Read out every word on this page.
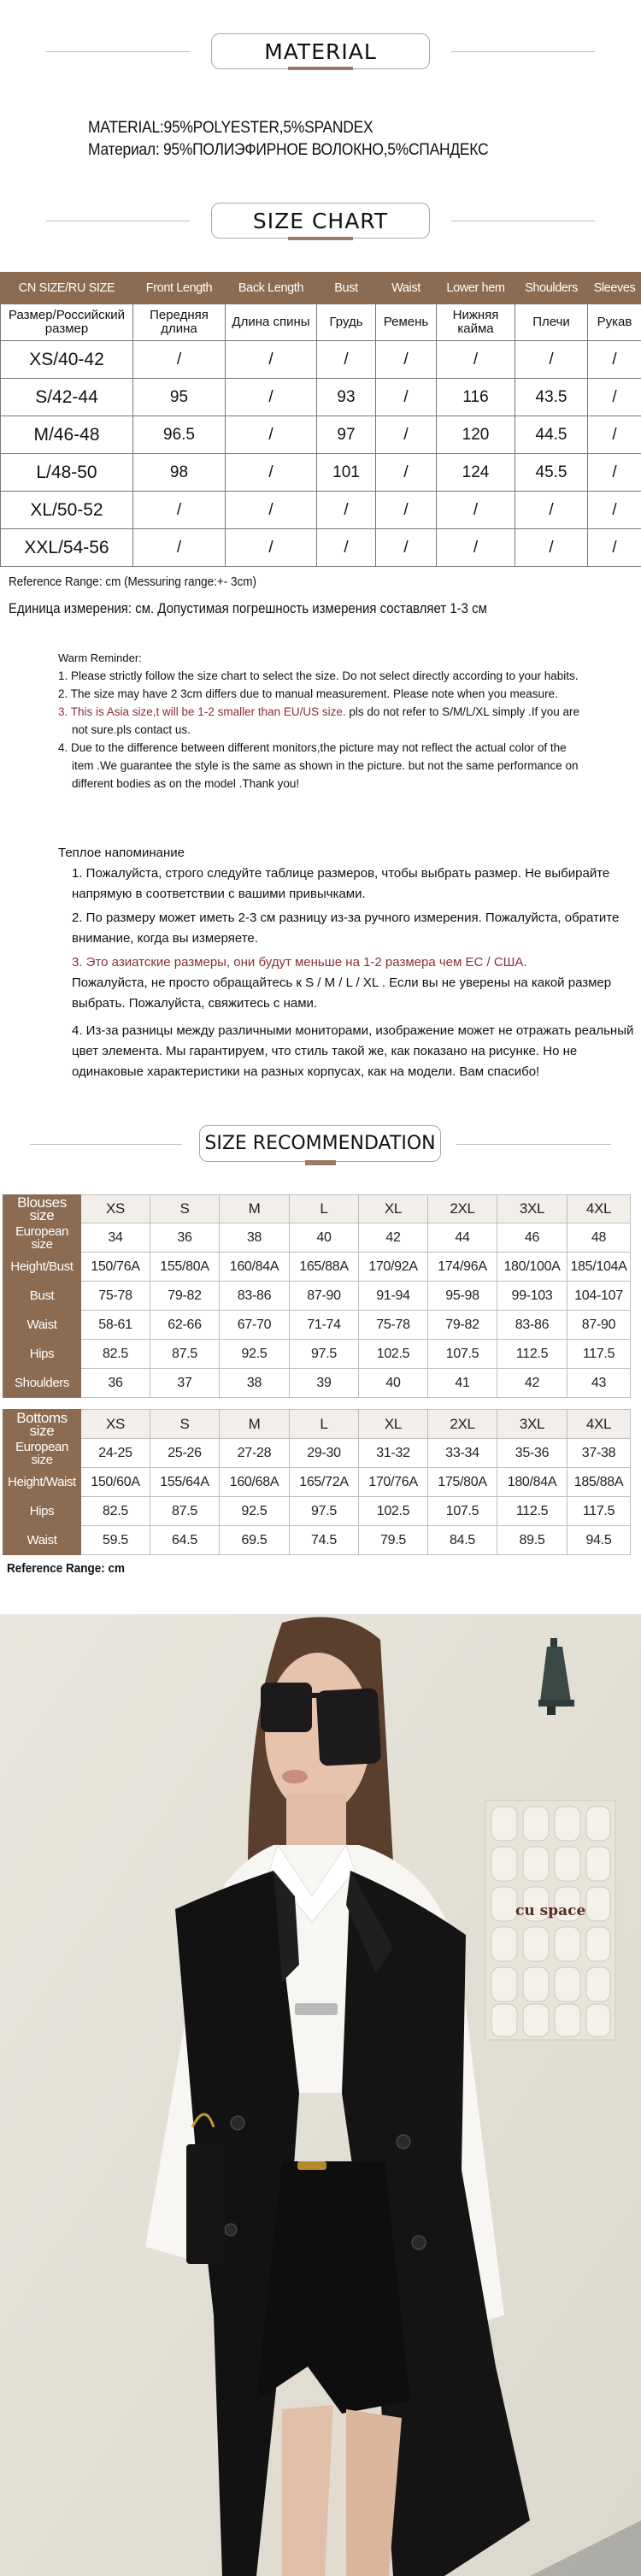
MATERIAL
MATERIAL:95%POLYESTER,5%SPANDEX
Материал: 95%ПОЛИЭФИРНОЕ ВОЛОКНО,5%СПАНДЕКС
SIZE CHART
CN SIZE/RU SIZE	Front Length	Back Length	Bust	Waist	Lower hem	Shoulders	Sleeves
Размер/Российский размер	Передняя длина	Длина спины	Грудь	Ремень	Нижняя кайма	Плечи	Рукав
XS/40-42	/	/	/	/	/	/	/
S/42-44	95	/	93	/	116	43.5	/
M/46-48	96.5	/	97	/	120	44.5	/
L/48-50	98	/	101	/	124	45.5	/
XL/50-52	/	/	/	/	/	/	/
XXL/54-56	/	/	/	/	/	/	/
Reference Range: cm (Messuring range:+- 3cm)
Единица измерения: см. Допустимая погрешность измерения составляет 1-3 см
Warm Reminder:
1. Please strictly follow the size chart to select the size. Do not select directly according to your habits.
2. The size may have 2 3cm differs due to manual measurement. Please note when you measure.
3. This is Asia size,t will be 1-2 smaller than EU/US size. pls do not refer to S/M/L/XL simply .If you are not sure.pls contact us.
4. Due to the difference between different monitors,the picture may not reflect the actual color of the item .We guarantee the style is the same as shown in the picture. but not the same performance on different bodies as on the model .Thank you!
Теплое напоминание

1. Пожалуйста, строго следуйте таблице размеров, чтобы выбрать размер. Не выбирайте напрямую в соответствии с вашими привычками.

2. По размеру может иметь 2-3 см разницу из-за ручного измерения. Пожалуйста, обратите внимание, когда вы измеряете.

3. Это азиатские размеры, они будут меньше на 1-2 размера чем ЕС / США.
Пожалуйста, не просто обращайтесь к S / M / L / XL . Если вы не уверены на какой размер выбрать. Пожалуйста, свяжитесь с нами.

4. Из-за разницы между различными мониторами, изображение может не отражать реальный цвет элемента. Мы гарантируем, что стиль такой же, как показано на рисунке. Но не одинаковые характеристики на разных корпусах, как на модели. Вам спасибо!

SIZE RECOMMENDATION
Blouses size	XS	S	M	L	XL	2XL	3XL	4XL
European size	34	36	38	40	42	44	46	48
Height/Bust	150/76A	155/80A	160/84A	165/88A	170/92A	174/96A	180/100A	185/104A
Bust	75-78	79-82	83-86	87-90	91-94	95-98	99-103	104-107
Waist	58-61	62-66	67-70	71-74	75-78	79-82	83-86	87-90
Hips	82.5	87.5	92.5	97.5	102.5	107.5	112.5	117.5
Shoulders	36	37	38	39	40	41	42	43
Bottoms size	XS	S	M	L	XL	2XL	3XL	4XL
European size	24-25	25-26	27-28	29-30	31-32	33-34	35-36	37-38
Height/Waist	150/60A	155/64A	160/68A	165/72A	170/76A	175/80A	180/84A	185/88A
Hips	82.5	87.5	92.5	97.5	102.5	107.5	112.5	117.5
Waist	59.5	64.5	69.5	74.5	79.5	84.5	89.5	94.5
Reference Range: cm
cu space
